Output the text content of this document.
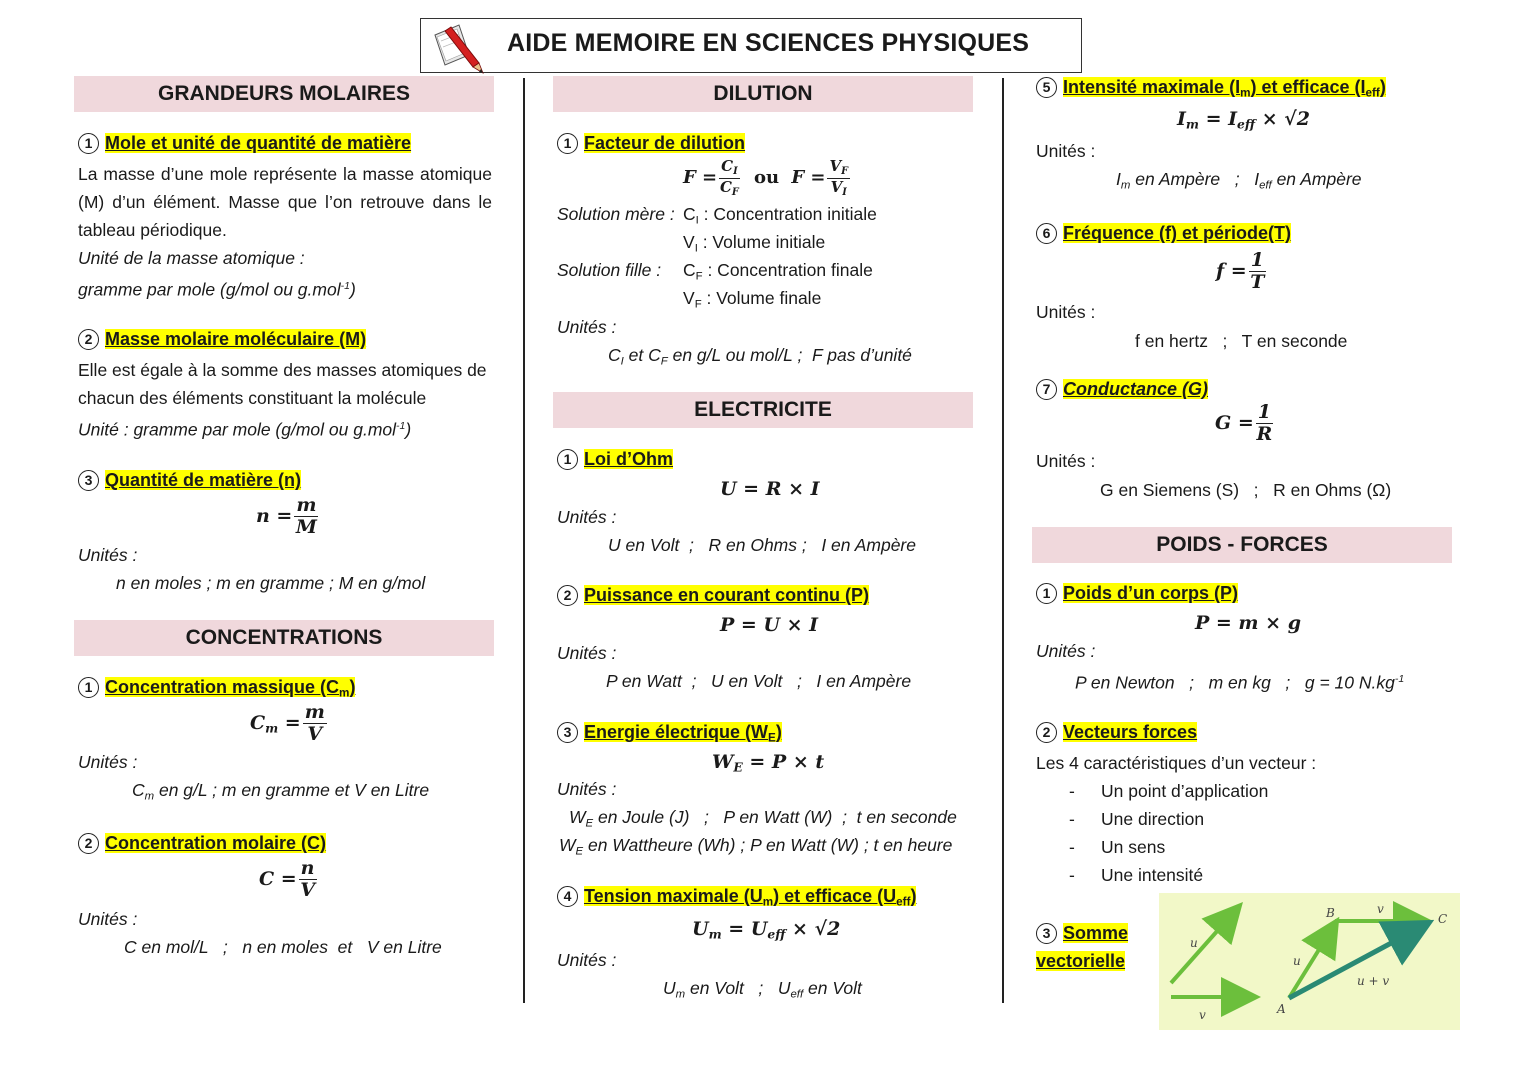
AIDE MEMOIRE EN SCIENCES PHYSIQUES
GRANDEURS MOLAIRES
1 Mole et unité de quantité de matière
La masse d’une mole représente la masse atomique (M) d’un élément. Masse que l’on retrouve dans le tableau périodique.
Unité de la masse atomique :
gramme par mole (g/mol ou g.mol$^{-1}$)
2 Masse molaire moléculaire (M)
Elle est égale à la somme des masses atomiques de chacun des éléments constituant la molécule
Unité : gramme par mole (g/mol ou g.mol$^{-1}$)
3 Quantité de matière (n)
$n = \frac{m}{M}$
Unités :
n en moles ; m en gramme ; M en g/mol
CONCENTRATIONS
1 Concentration massique $(C_m)$
$C_m = \frac{m}{V}$
Unités :
$C_m$ en g/L ; m en gramme et V en Litre
2 Concentration molaire (C)
$C = \frac{n}{V}$
Unités :
C en mol/L   ;   n en moles  et   V en Litre
DILUTION
1 Facteur de dilution
$F = \frac{C_I}{C_F}$ ou $F = \frac{V_F}{V_I}$
Solution mère : $C_I$ : Concentration initiale
$V_I$ : Volume initiale
Solution fille : $C_F$ : Concentration finale
$V_F$ : Volume finale
Unités :
$C_I$ et $C_F$ en g/L ou mol/L ;  F pas d’unité
ELECTRICITE
1 Loi d’Ohm
U = R × I
Unités :
U en Volt  ;   R en Ohms ;   I en Ampère
2 Puissance en courant continu (P)
P = U × I
Unités :
P en Watt  ;   U en Volt   ;   I en Ampère
3 Energie électrique $(W_E)$
$W_E = P \times t$
Unités :
$W_E$ en Joule (J)   ;   P en Watt (W)  ;  t en seconde
$W_E$ en Wattheure (Wh) ; P en Watt (W) ; t en heure
4 Tension maximale $(U_m)$ et efficace $(U_{eff})$
$U_m = U_{eff} \times √2$
Unités :
$U_m$ en Volt   ;   $U_{eff}$ en Volt
5 Intensité maximale $(I_m)$ et efficace $(I_{eff})$
$I_m = I_{eff} \times √2$
Unités :
$I_m$ en Ampère   ;   $I_{eff}$ en Ampère
6 Fréquence (f) et période(T)
$f = \frac{1}{T}$
Unités :
f en hertz   ;   T en seconde
7 Conductance (G)
$G = \frac{1}{R}$
Unités :
G en Siemens (S)   ;   R en Ohms (Ω)
POIDS - FORCES
1 Poids d’un corps (P)
P = m × g
Unités :
P en Newton   ;   m en kg   ;   g = 10 $N.kg^{-1}$
2 Vecteurs forces
Les 4 caractéristiques d’un vecteur :
- Un point d’application
- Une direction
- Un sens
- Une intensité
3 Somme
vectorielle
u
v
u
v
A
B	C
u + v
